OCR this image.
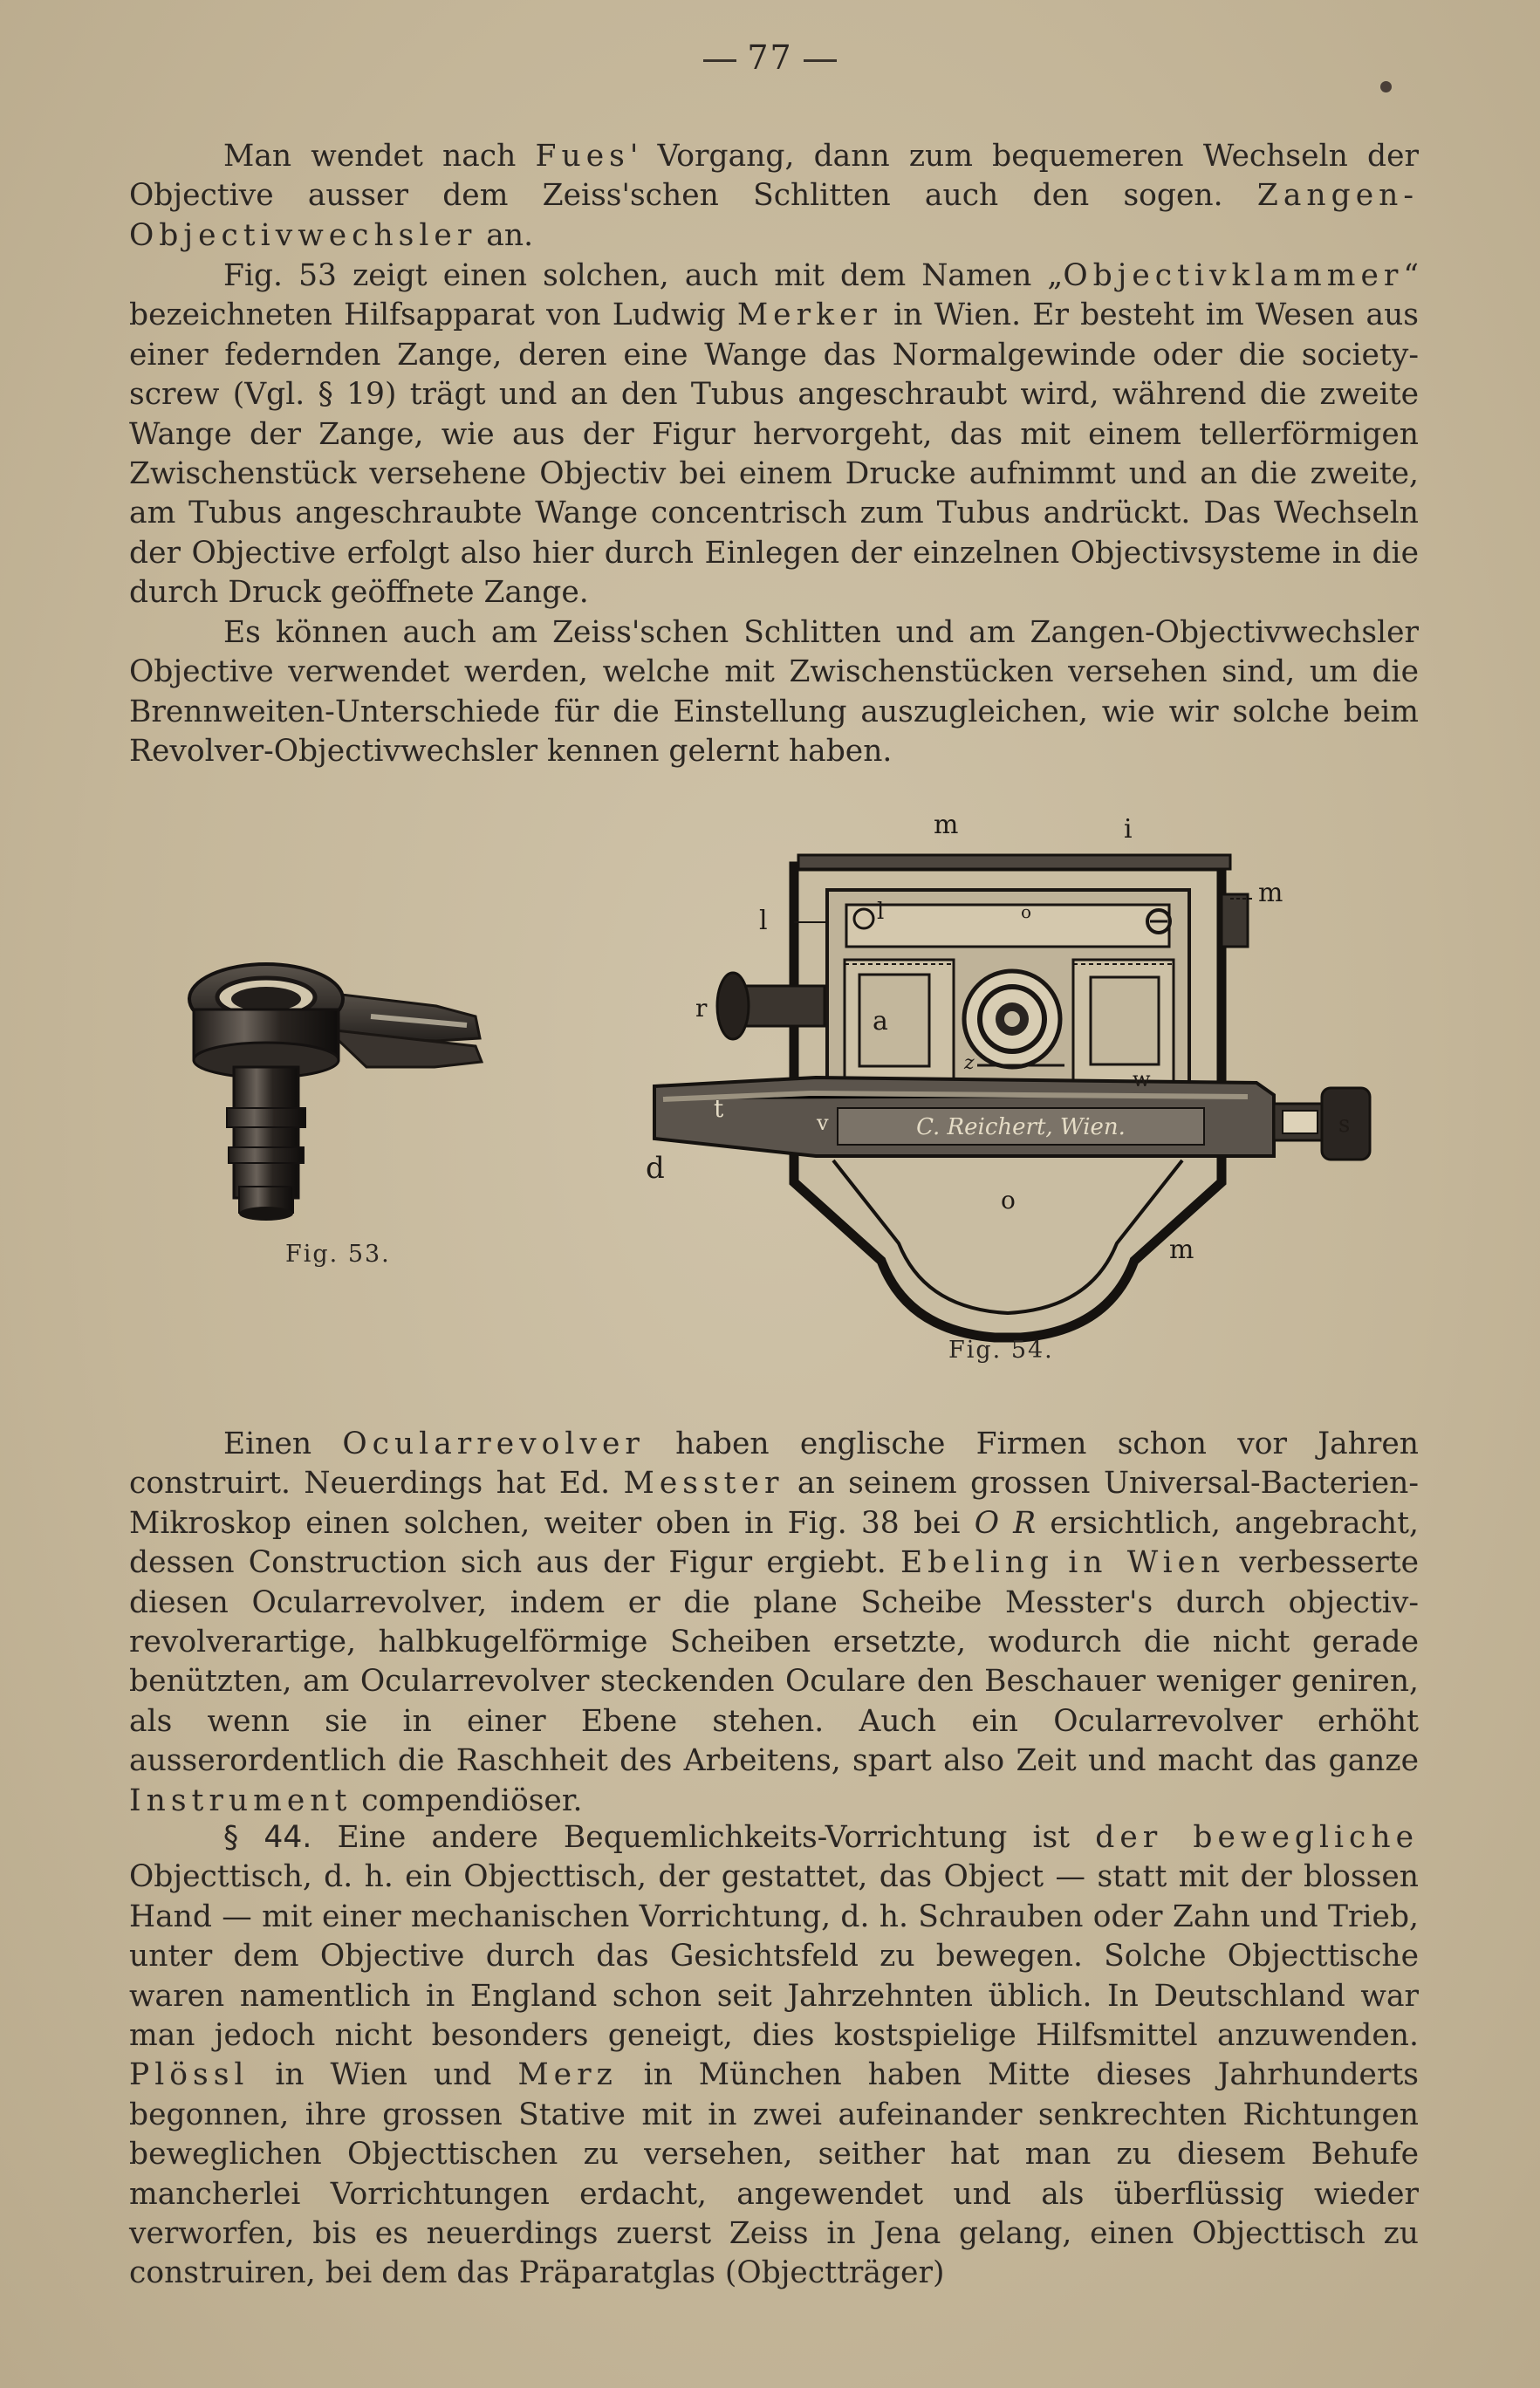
77

Man wendet nach Fues' Vorgang, dann zum bequemeren Wechseln der Objective ausser dem Zeiss'schen Schlitten auch den sogen. Zangen-Objectivwechsler an.

Fig. 53 zeigt einen solchen, auch mit dem Namen „Objectivklammer“ bezeichneten Hilfsapparat von Ludwig Merker in Wien. Er besteht im Wesen aus einer federnden Zange, deren eine Wange das Normalgewinde oder die society-screw (Vgl. § 19) trägt und an den Tubus angeschraubt wird, während die zweite Wange der Zange, wie aus der Figur hervorgeht, das mit einem tellerförmigen Zwischenstück versehene Objectiv bei einem Drucke aufnimmt und an die zweite, am Tubus angeschraubte Wange concentrisch zum Tubus andrückt. Das Wechseln der Objective erfolgt also hier durch Einlegen der einzelnen Objectivsysteme in die durch Druck geöffnete Zange.

Es können auch am Zeiss'schen Schlitten und am Zangen-Objectivwechsler Objective verwendet werden, welche mit Zwischenstücken versehen sind, um die Brennweiten-Unterschiede für die Einstellung auszugleichen, wie wir solche beim Revolver-Objectivwechsler kennen gelernt haben.

Fig. 53.
C. Reichert, Wien.
m	i
m
l	l	o
r	a
z
w
t	v	s
d
o
m
Fig. 54.

Einen Ocularrevolver haben englische Firmen schon vor Jahren construirt. Neuerdings hat Ed. Messter an seinem grossen Universal-Bacterien-Mikroskop einen solchen, weiter oben in Fig. 38 bei O R ersichtlich, angebracht, dessen Construction sich aus der Figur ergiebt. Ebeling in Wien verbesserte diesen Ocularrevolver, indem er die plane Scheibe Messter's durch objectiv-revolverartige, halbkugelförmige Scheiben ersetzte, wodurch die nicht gerade benützten, am Ocularrevolver steckenden Oculare den Beschauer weniger geniren, als wenn sie in einer Ebene stehen. Auch ein Ocularrevolver erhöht ausserordentlich die Raschheit des Arbeitens, spart also Zeit und macht das ganze Instrument compendiöser.

§ 44. Eine andere Bequemlichkeits-Vorrichtung ist der bewegliche Objecttisch, d. h. ein Objecttisch, der gestattet, das Object — statt mit der blossen Hand — mit einer mechanischen Vorrichtung, d. h. Schrauben oder Zahn und Trieb, unter dem Objective durch das Gesichtsfeld zu bewegen. Solche Objecttische waren namentlich in England schon seit Jahrzehnten üblich. In Deutschland war man jedoch nicht besonders geneigt, dies kostspielige Hilfsmittel anzuwenden. Plössl in Wien und Merz in München haben Mitte dieses Jahrhunderts begonnen, ihre grossen Stative mit in zwei aufeinander senkrechten Richtungen beweglichen Objecttischen zu versehen, seither hat man zu diesem Behufe mancherlei Vorrichtungen erdacht, angewendet und als überflüssig wieder verworfen, bis es neuerdings zuerst Zeiss in Jena gelang, einen Objecttisch zu construiren, bei dem das Präparatglas (Objectträger)
